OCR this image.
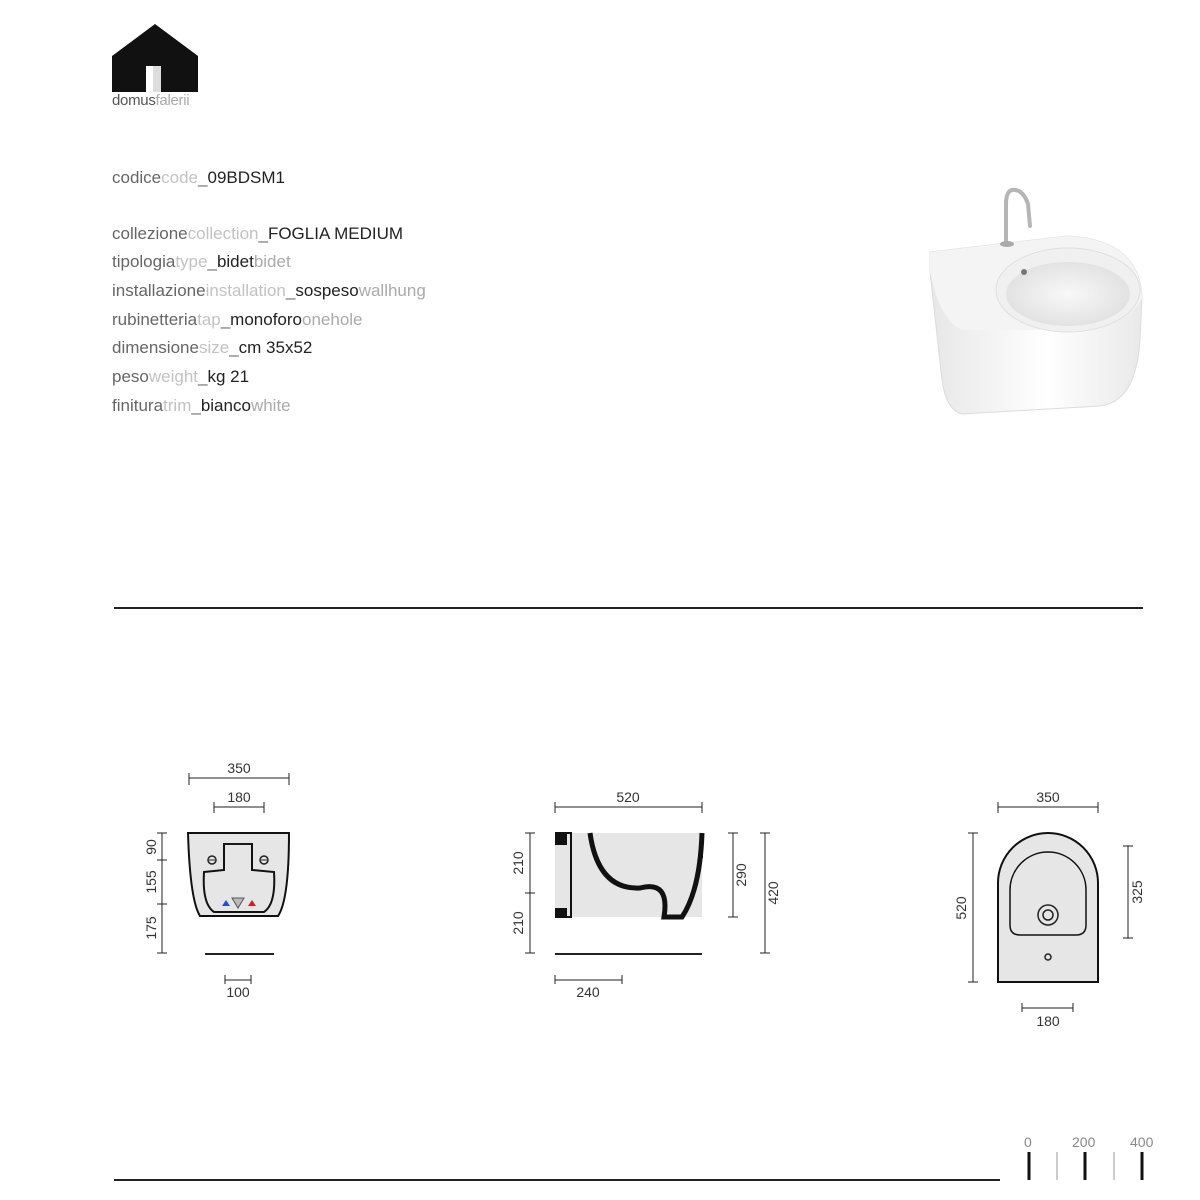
domusfalerii
codicecode_09BDSM1
collezionecollection_FOGLIA MEDIUM
tipologiatype_bidetbidet
installazioneinstallation_sospesowallhung
rubinetteriatap_monoforoonehole
dimensionesize_cm 35x52
pesoweight_kg 21
finituratrim_biancowhite
350
180
90
155
175
100
520
210
210
290
420
240
350
520
325
180
0	200 400
